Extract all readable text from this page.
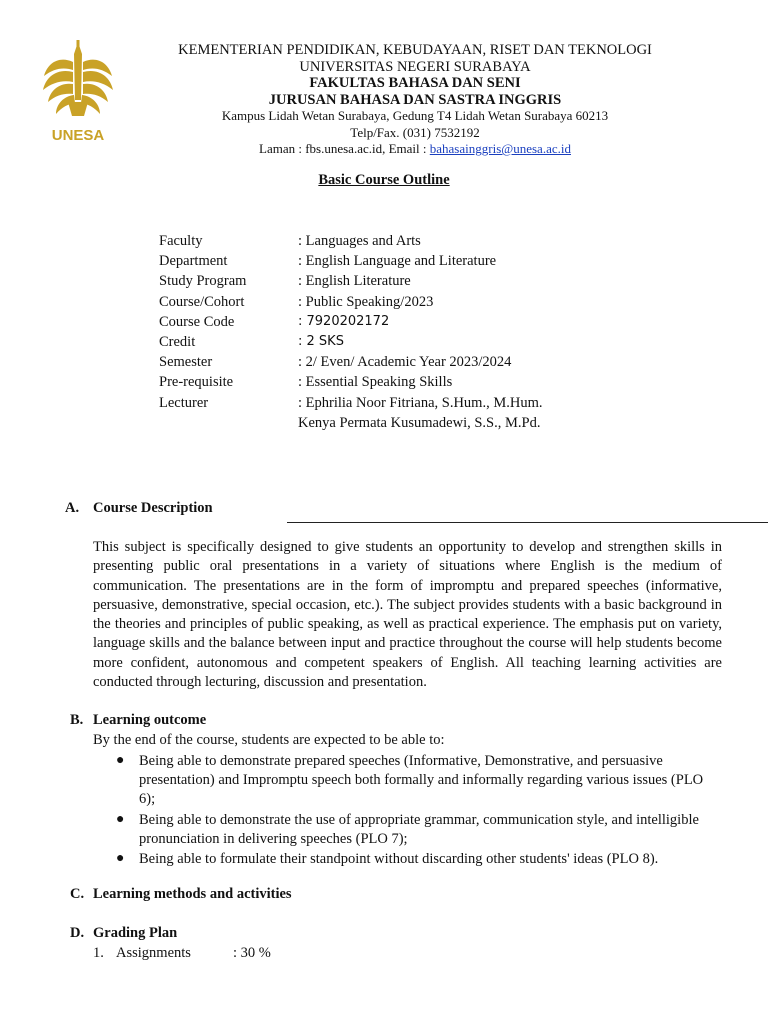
UNESA
KEMENTERIAN PENDIDIKAN, KEBUDAYAAN, RISET DAN TEKNOLOGI
UNIVERSITAS NEGERI SURABAYA
FAKULTAS BAHASA DAN SENI
JURUSAN BAHASA DAN SASTRA INGGRIS
Kampus Lidah Wetan Surabaya, Gedung T4 Lidah Wetan Surabaya 60213
Telp/Fax. (031) 7532192
Laman : fbs.unesa.ac.id, Email : bahasainggris@unesa.ac.id
Basic Course Outline
Faculty	: Languages and Arts
Department	: English Language and Literature
Study Program	: English Literature
Course/Cohort	: Public Speaking/2023
Course Code	: 7920202172
Credit	: 2 SKS
Semester	: 2/ Even/ Academic Year 2023/2024
Pre-requisite	: Essential Speaking Skills
Lecturer	: Ephrilia Noor Fitriana, S.Hum., M.Hum.
Kenya Permata Kusumadewi, S.S., M.Pd.
A. Course Description
This subject is specifically designed to give students an opportunity to develop and strengthen skills in presenting public oral presentations in a variety of situations where English is the medium of communication. The presentations are in the form of impromptu and prepared speeches (informative, persuasive, demonstrative, special occasion, etc.). The subject provides students with a basic background in the theories and principles of public speaking, as well as practical experience. The emphasis put on variety, language skills and the balance between input and practice throughout the course will help students become more confident, autonomous and competent speakers of English. All teaching learning activities are conducted through lecturing, discussion and presentation.
B. Learning outcome
By the end of the course, students are expected to be able to:
● Being able to demonstrate prepared speeches (Informative, Demonstrative, and persuasive presentation) and Impromptu speech both formally and informally regarding various issues (PLO 6);
● Being able to demonstrate the use of appropriate grammar, communication style, and intelligible pronunciation in delivering speeches (PLO 7);
● Being able to formulate their standpoint without discarding other students' ideas (PLO 8).
C. Learning methods and activities
D. Grading Plan
1. Assignments	: 30 %
